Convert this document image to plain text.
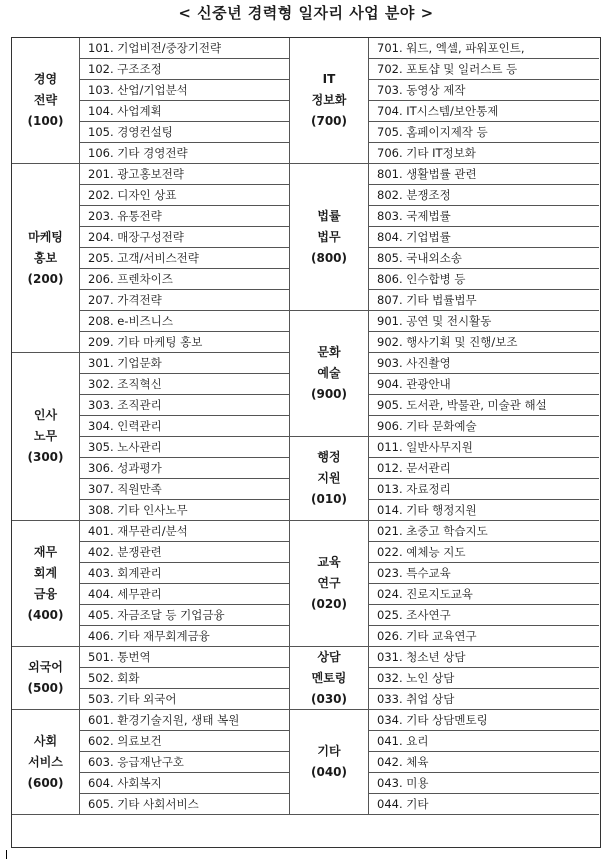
< 신중년 경력형 일자리 사업 분야 >
경영
전략
(100)
101. 기업비전/중장기전략
102. 구조조정
103. 산업/기업분석
104. 사업계획
105. 경영컨설팅
106. 기타 경영전략
마케팅
홍보
(200)
201. 광고홍보전략
202. 디자인 상표
203. 유통전략
204. 매장구성전략
205. 고객/서비스전략
206. 프렌차이즈
207. 가격전략
208. e-비즈니스
209. 기타 마케팅 홍보
인사
노무
(300)
301. 기업문화
302. 조직혁신
303. 조직관리
304. 인력관리
305. 노사관리
306. 성과평가
307. 직원만족
308. 기타 인사노무
재무
회계
금융
(400)
401. 재무관리/분석
402. 분쟁관련
403. 회계관리
404. 세무관리
405. 자금조달 등 기업금융
406. 기타 재무회계금융
외국어
(500)
501. 통번역
502. 회화
503. 기타 외국어
사회
서비스
(600)
601. 환경기술지원, 생태 복원
602. 의료보건
603. 응급재난구호
604. 사회복지
605. 기타 사회서비스
IT
정보화
(700)
701. 워드, 엑셀, 파워포인트,
702. 포토샵 및 일러스트 등
703. 동영상 제작
704. IT시스템/보안통제
705. 홈페이지제작 등
706. 기타 IT정보화
법률
법무
(800)
801. 생활법률 관련
802. 분쟁조정
803. 국제법률
804. 기업법률
805. 국내외소송
806. 인수합병 등
807. 기타 법률법무
문화
예술
(900)
901. 공연 및 전시활동
902. 행사기획 및 진행/보조
903. 사진촬영
904. 관광안내
905. 도서관, 박물관, 미술관 해설
906. 기타 문화예술
행정
지원
(010)
011. 일반사무지원
012. 문서관리
013. 자료정리
014. 기타 행정지원
교육
연구
(020)
021. 초중고 학습지도
022. 예체능 지도
023. 특수교육
024. 진로지도교육
025. 조사연구
026. 기타 교육연구
상담
멘토링
(030)
031. 청소년 상담
032. 노인 상담
033. 취업 상담
기타
(040)
034. 기타 상담멘토링
041. 요리
042. 체육
043. 미용
044. 기타
